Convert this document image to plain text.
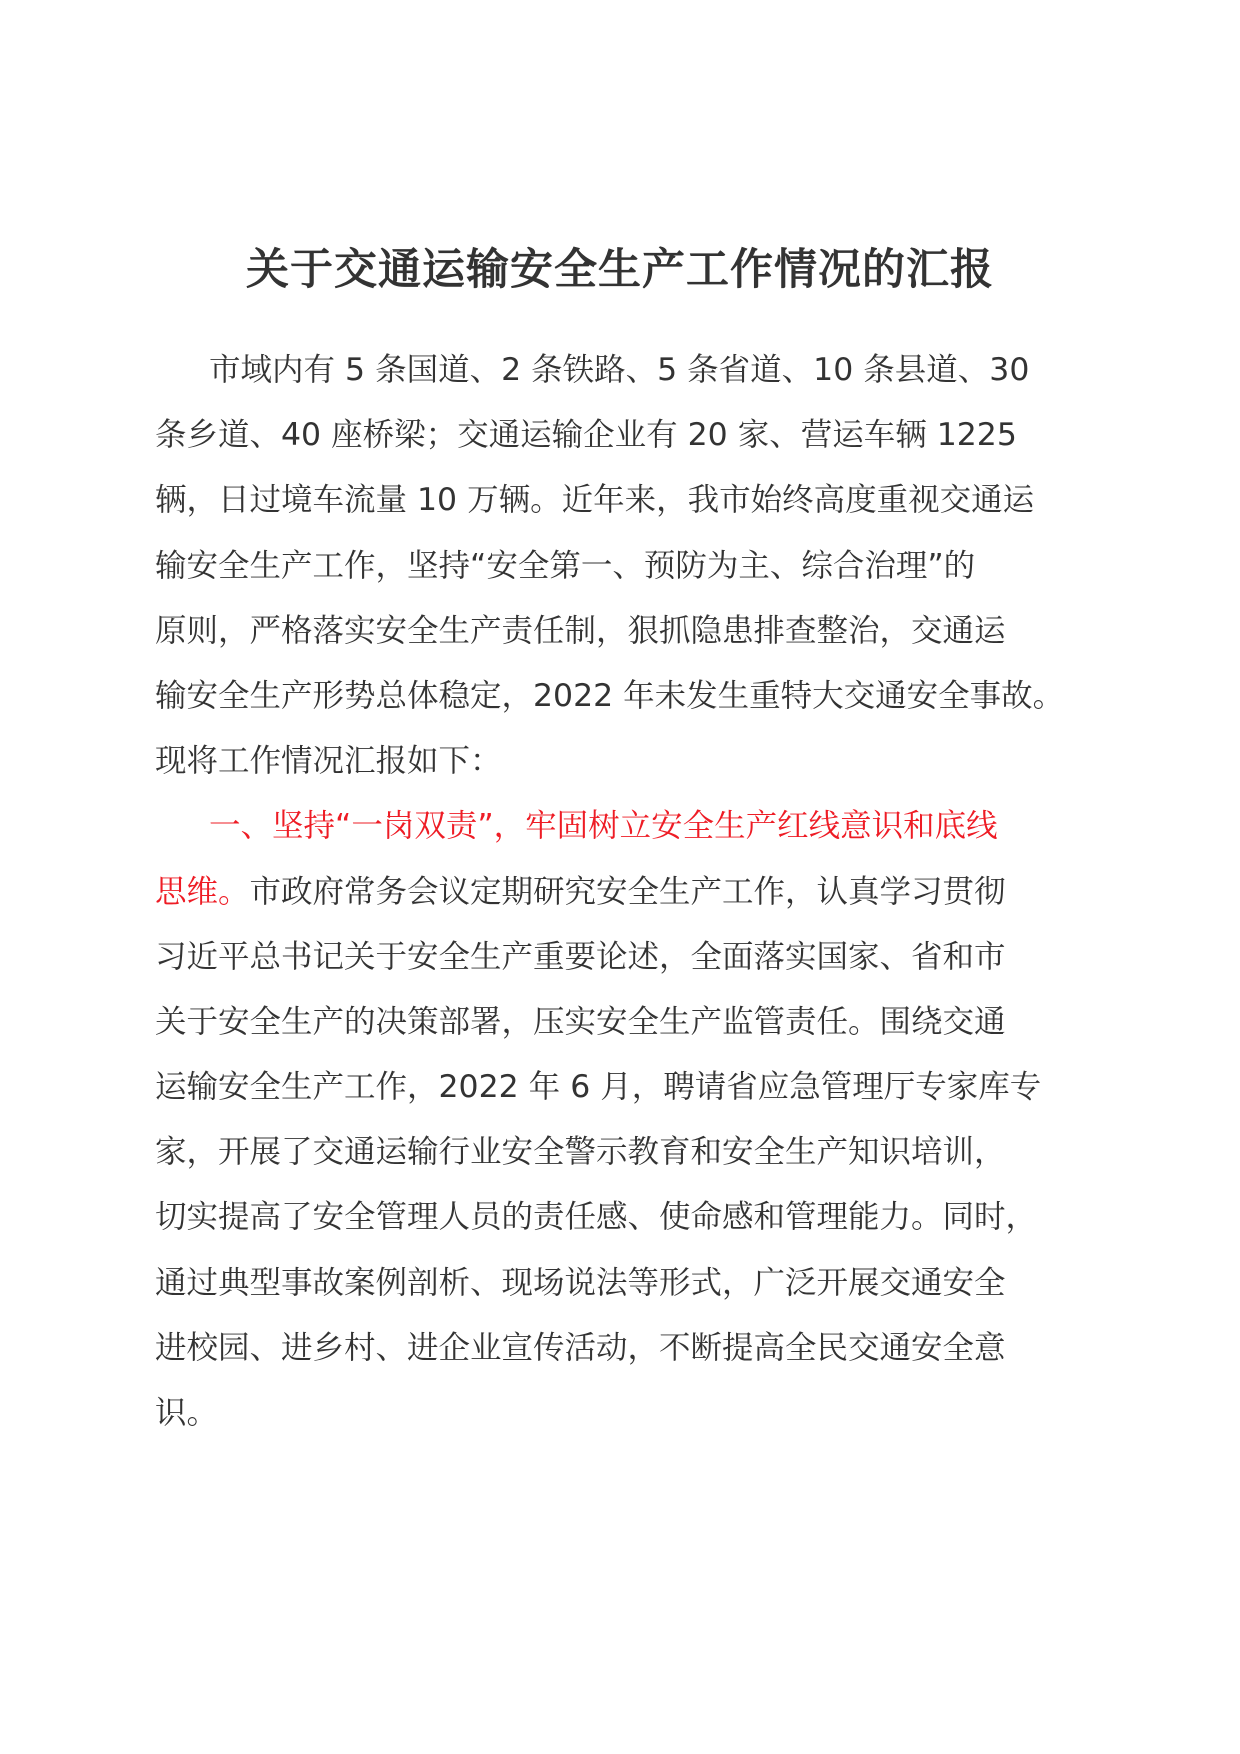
关于交通运输安全生产工作情况的汇报
市域内有 5 条国道、2 条铁路、5 条省道、10 条县道、30
条乡道、40 座桥梁；交通运输企业有 20 家、营运车辆 1225
辆，日过境车流量 10 万辆。近年来，我市始终高度重视交通运
输安全生产工作，坚持“安全第一、预防为主、综合治理”的
原则，严格落实安全生产责任制，狠抓隐患排查整治，交通运
输安全生产形势总体稳定，2022 年未发生重特大交通安全事故。
现将工作情况汇报如下：
一、坚持“一岗双责”，牢固树立安全生产红线意识和底线
思维。市政府常务会议定期研究安全生产工作，认真学习贯彻
习近平总书记关于安全生产重要论述，全面落实国家、省和市
关于安全生产的决策部署，压实安全生产监管责任。围绕交通
运输安全生产工作，2022 年 6 月，聘请省应急管理厅专家库专
家，开展了交通运输行业安全警示教育和安全生产知识培训，
切实提高了安全管理人员的责任感、使命感和管理能力。同时，
通过典型事故案例剖析、现场说法等形式，广泛开展交通安全
进校园、进乡村、进企业宣传活动，不断提高全民交通安全意
识。
